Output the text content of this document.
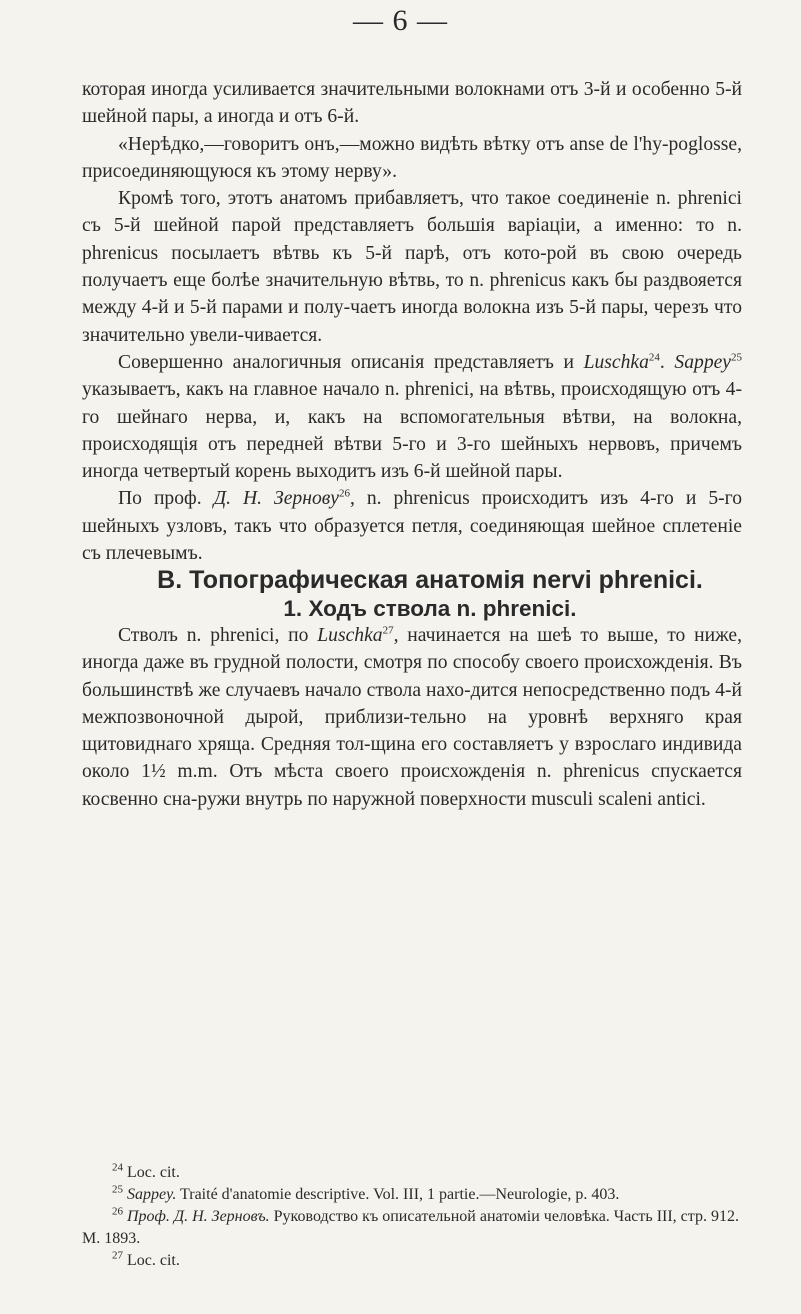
— 6 —

которая иногда усиливается значительными волокнами отъ 3-й и особенно 5-й шейной пары, а иногда и отъ 6-й.

«Нерѣдко,—говоритъ онъ,—можно видѣть вѣтку отъ anse de l'hy-poglosse, присоединяющуюся къ этому нерву».

Кромѣ того, этотъ анатомъ прибавляетъ, что такое соединеніе n. phrenici съ 5-й шейной парой представляетъ большія варіаціи, а именно: то n. phrenicus посылаетъ вѣтвь къ 5-й парѣ, отъ кото-рой въ свою очередь получаетъ еще болѣе значительную вѣтвь, то n. phrenicus какъ бы раздвояется между 4-й и 5-й парами и полу-чаетъ иногда волокна изъ 5-й пары, черезъ что значительно увели-чивается.

Совершенно аналогичныя описанія представляетъ и Luschka$^{24}$. Sappey$^{25}$ указываетъ, какъ на главное начало n. phrenici, на вѣтвь, происходящую отъ 4-го шейнаго нерва, и, какъ на вспомогательныя вѣтви, на волокна, происходящія отъ передней вѣтви 5-го и 3-го шейныхъ нервовъ, причемъ иногда четвертый корень выходитъ изъ 6-й шейной пары.

По проф. Д. Н. Зернову$^{26}$, n. phrenicus происходитъ изъ 4-го и 5-го шейныхъ узловъ, такъ что образуется петля, соединяющая шейное сплетеніе съ плечевымъ.

В. Топографическая анатомія nervi phrenici.

1. Ходъ ствола n. phrenici.

Стволъ n. phrenici, по Luschka$^{27}$, начинается на шеѣ то выше, то ниже, иногда даже въ грудной полости, смотря по способу своего происхожденія. Въ большинствѣ же случаевъ начало ствола нахо-дится непосредственно подъ 4-й межпозвоночной дырой, приблизи-тельно на уровнѣ верхняго края щитовиднаго хряща. Средняя тол-щина его составляетъ у взрослаго индивида около 1½ m.m. Отъ мѣста своего происхожденія n. phrenicus спускается косвенно сна-ружи внутрь по наружной поверхности musculi scaleni antici.

$^{24}$ Loc. cit.

$^{25}$ Sappey. Traité d'anatomie descriptive. Vol. III, 1 partie.—Neurologie, p. 403.

$^{26}$ Проф. Д. Н. Зерновъ. Руководство къ описательной анатоміи человѣка. Часть III, стр. 912. М. 1893.

$^{27}$ Loc. cit.
